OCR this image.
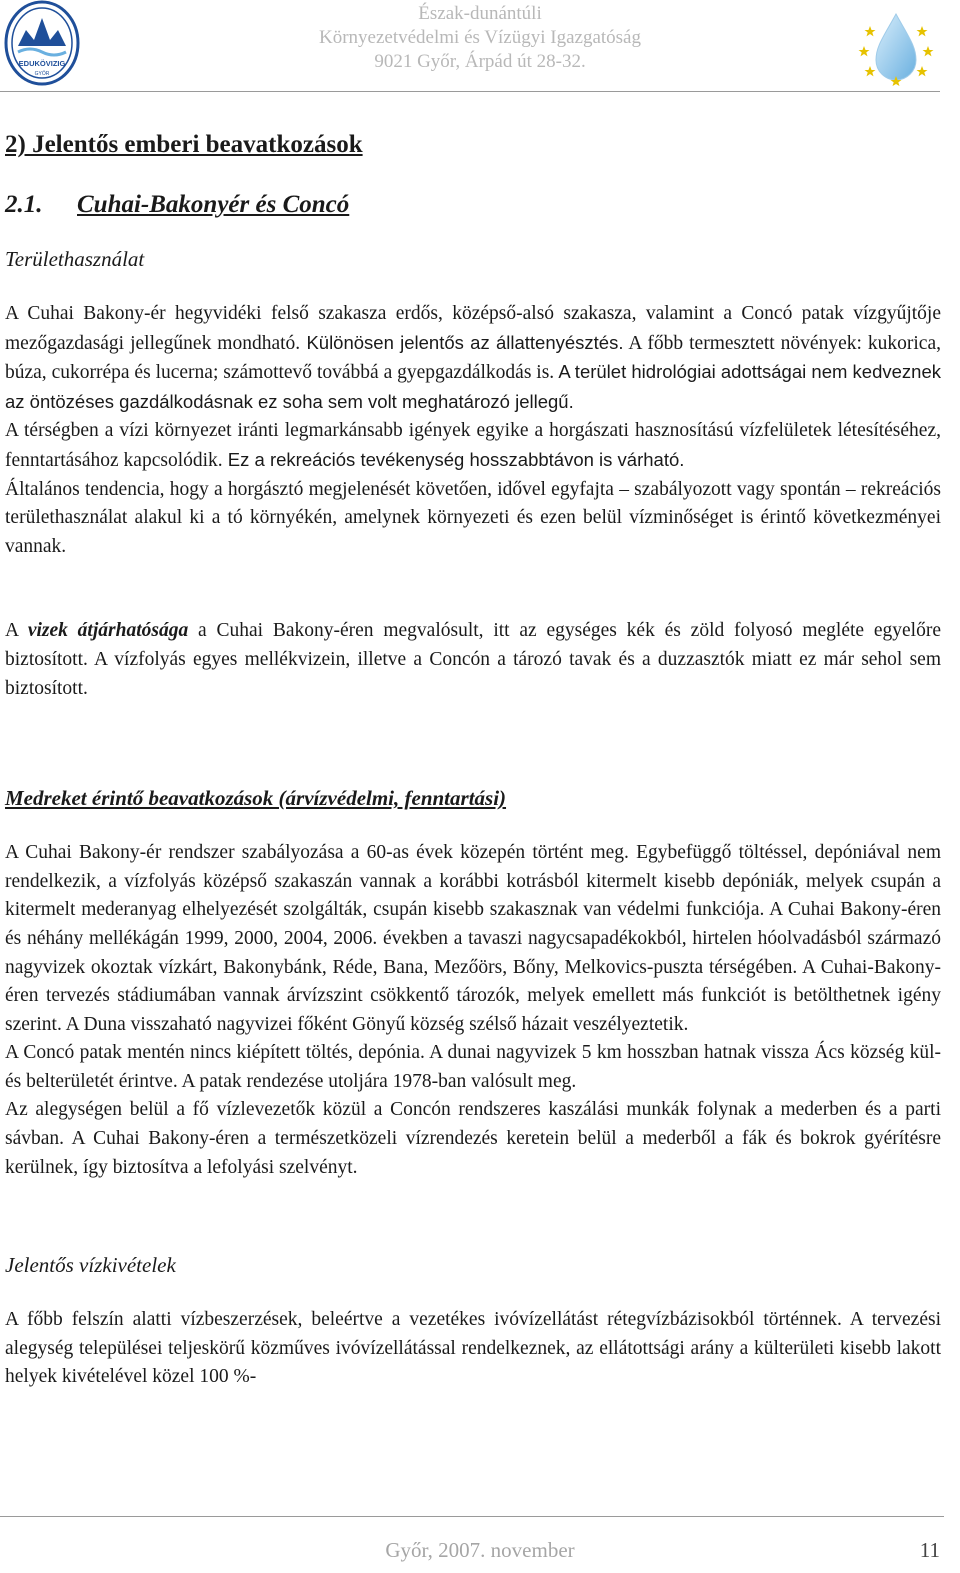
EDUKÖVIZIG
GYŐR
Észak-dunántúli
Környezetvédelmi és Vízügyi Igazgatóság
9021 Győr, Árpád út 28-32.
2) Jelentős emberi beavatkozások
2.1. Cuhai-Bakonyér és Concó
Területhasználat

A Cuhai Bakony-ér hegyvidéki felső szakasza erdős, középső-alsó szakasza, valamint a Concó patak vízgyűjtője mezőgazdasági jellegűnek mondható. Különösen jelentős az állattenyésztés. A főbb termesztett növények: kukorica, búza, cukorrépa és lucerna; számottevő továbbá a gyepgazdálkodás is. A terület hidrológiai adottságai nem kedveznek az öntözéses gazdálkodásnak ez soha sem volt meghatározó jellegű.

A térségben a vízi környezet iránti legmarkánsabb igények egyike a horgászati hasznosítású vízfelületek létesítéséhez, fenntartásához kapcsolódik. Ez a rekreációs tevékenység hosszabbtávon is várható.

Általános tendencia, hogy a horgásztó megjelenését követően, idővel egyfajta – szabályozott vagy spontán – rekreációs területhasználat alakul ki a tó környékén, amelynek környezeti és ezen belül vízminőséget is érintő következményei vannak.

A vizek átjárhatósága a Cuhai Bakony-éren megvalósult, itt az egységes kék és zöld folyosó megléte egyelőre biztosított. A vízfolyás egyes mellékvizein, illetve a Concón a tározó tavak és a duzzasztók miatt ez már sehol sem biztosított.

Medreket érintő beavatkozások (árvízvédelmi, fenntartási)

A Cuhai Bakony-ér rendszer szabályozása a 60-as évek közepén történt meg. Egybefüggő töltéssel, depóniával nem rendelkezik, a vízfolyás középső szakaszán vannak a korábbi kotrásból kitermelt kisebb depóniák, melyek csupán a kitermelt mederanyag elhelyezését szolgálták, csupán kisebb szakasznak van védelmi funkciója. A Cuhai Bakony-éren és néhány mellékágán 1999, 2000, 2004, 2006. években a tavaszi nagycsapadékokból, hirtelen hóolvadásból származó nagyvizek okoztak vízkárt, Bakonybánk, Réde, Bana, Mezőörs, Bőny, Melkovics-puszta térségében. A Cuhai-Bakony-éren tervezés stádiumában vannak árvízszint csökkentő tározók, melyek emellett más funkciót is betölthetnek igény szerint. A Duna visszaható nagyvizei főként Gönyű község szélső házait veszélyeztetik.

A Concó patak mentén nincs kiépített töltés, depónia. A dunai nagyvizek 5 km hosszban hatnak vissza Ács község kül- és belterületét érintve. A patak rendezése utoljára 1978-ban valósult meg.

Az alegységen belül a fő vízlevezetők közül a Concón rendszeres kaszálási munkák folynak a mederben és a parti sávban. A Cuhai Bakony-éren a természetközeli vízrendezés keretein belül a mederből a fák és bokrok gyérítésre kerülnek, így biztosítva a lefolyási szelvényt.

Jelentős vízkivételek

A főbb felszín alatti vízbeszerzések, beleértve a vezetékes ivóvízellátást rétegvízbázisokból történnek. A tervezési alegység települései teljeskörű közműves ivóvízellátással rendelkeznek, az ellátottsági arány a külterületi kisebb lakott helyek kivételével közel 100 %-

Győr, 2007. november	11
